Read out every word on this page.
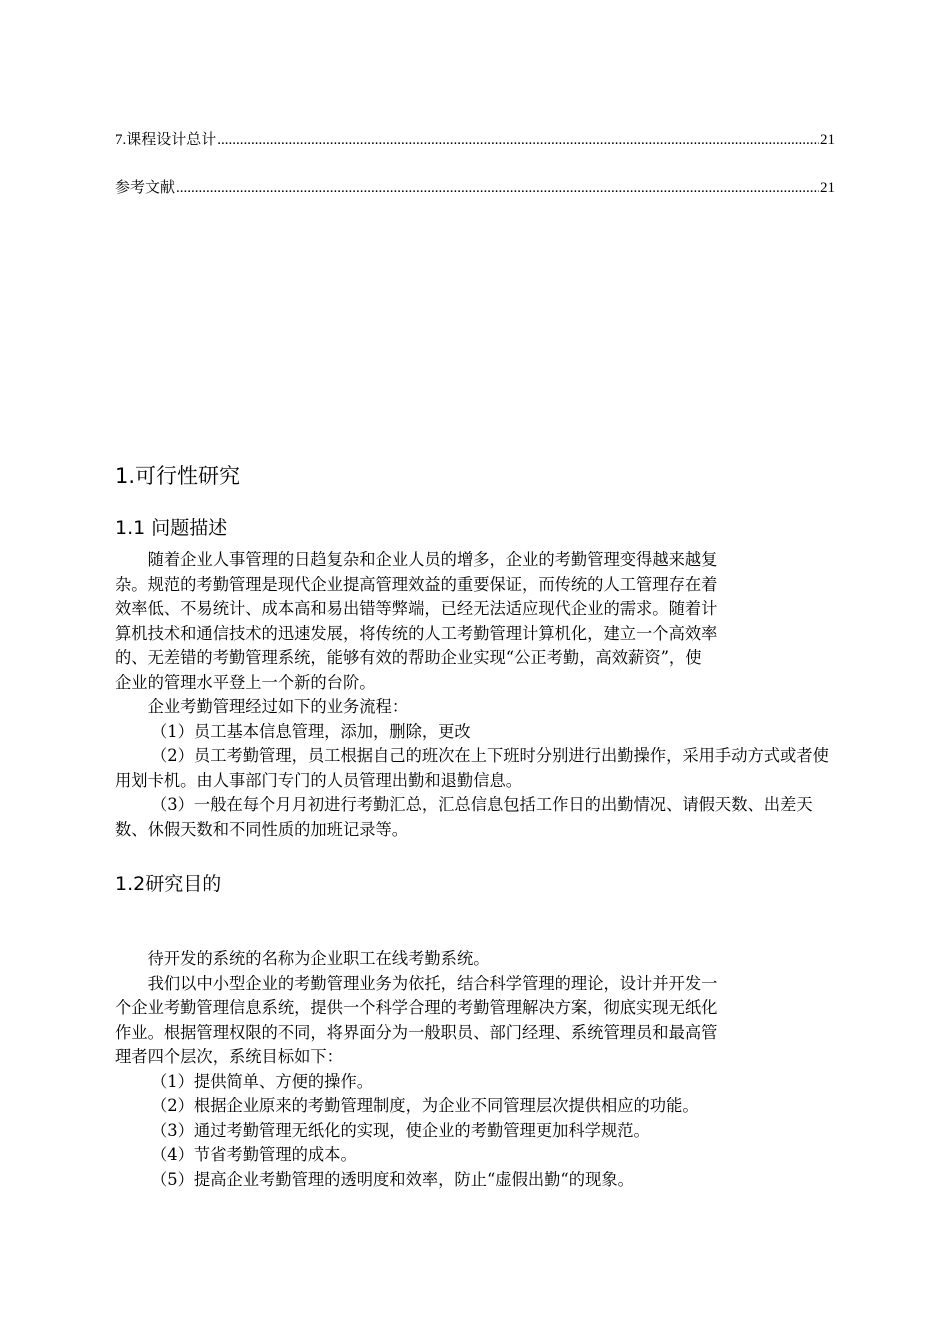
7.课程设计总计 .....	21
参考文献 .....	21
1.可行性研究
1.1 问题描述

随着企业人事管理的日趋复杂和企业人员的增多，企业的考勤管理变得越来越复

杂。规范的考勤管理是现代企业提高管理效益的重要保证，而传统的人工管理存在着

效率低、不易统计、成本高和易出错等弊端，已经无法适应现代企业的需求。随着计

算机技术和通信技术的迅速发展，将传统的人工考勤管理计算机化，建立一个高效率

的、无差错的考勤管理系统，能够有效的帮助企业实现“公正考勤，高效薪资”，使

企业的管理水平登上一个新的台阶。

企业考勤管理经过如下的业务流程：

（1）员工基本信息管理，添加，删除，更改

（2）员工考勤管理，员工根据自己的班次在上下班时分别进行出勤操作，采用手动方式或者使用划卡机。由人事部门专门的人员管理出勤和退勤信息。

（3）一般在每个月月初进行考勤汇总，汇总信息包括工作日的出勤情况、请假天数、出差天数、休假天数和不同性质的加班记录等。

1.2研究目的

待开发的系统的名称为企业职工在线考勤系统。

我们以中小型企业的考勤管理业务为依托，结合科学管理的理论，设计并开发一

个企业考勤管理信息系统，提供一个科学合理的考勤管理解决方案，彻底实现无纸化

作业。根据管理权限的不同，将界面分为一般职员、部门经理、系统管理员和最高管

理者四个层次，系统目标如下：

（1）提供简单、方便的操作。

（2）根据企业原来的考勤管理制度，为企业不同管理层次提供相应的功能。

（3）通过考勤管理无纸化的实现，使企业的考勤管理更加科学规范。

（4）节省考勤管理的成本。

（5）提高企业考勤管理的透明度和效率，防止“虚假出勤“的现象。
